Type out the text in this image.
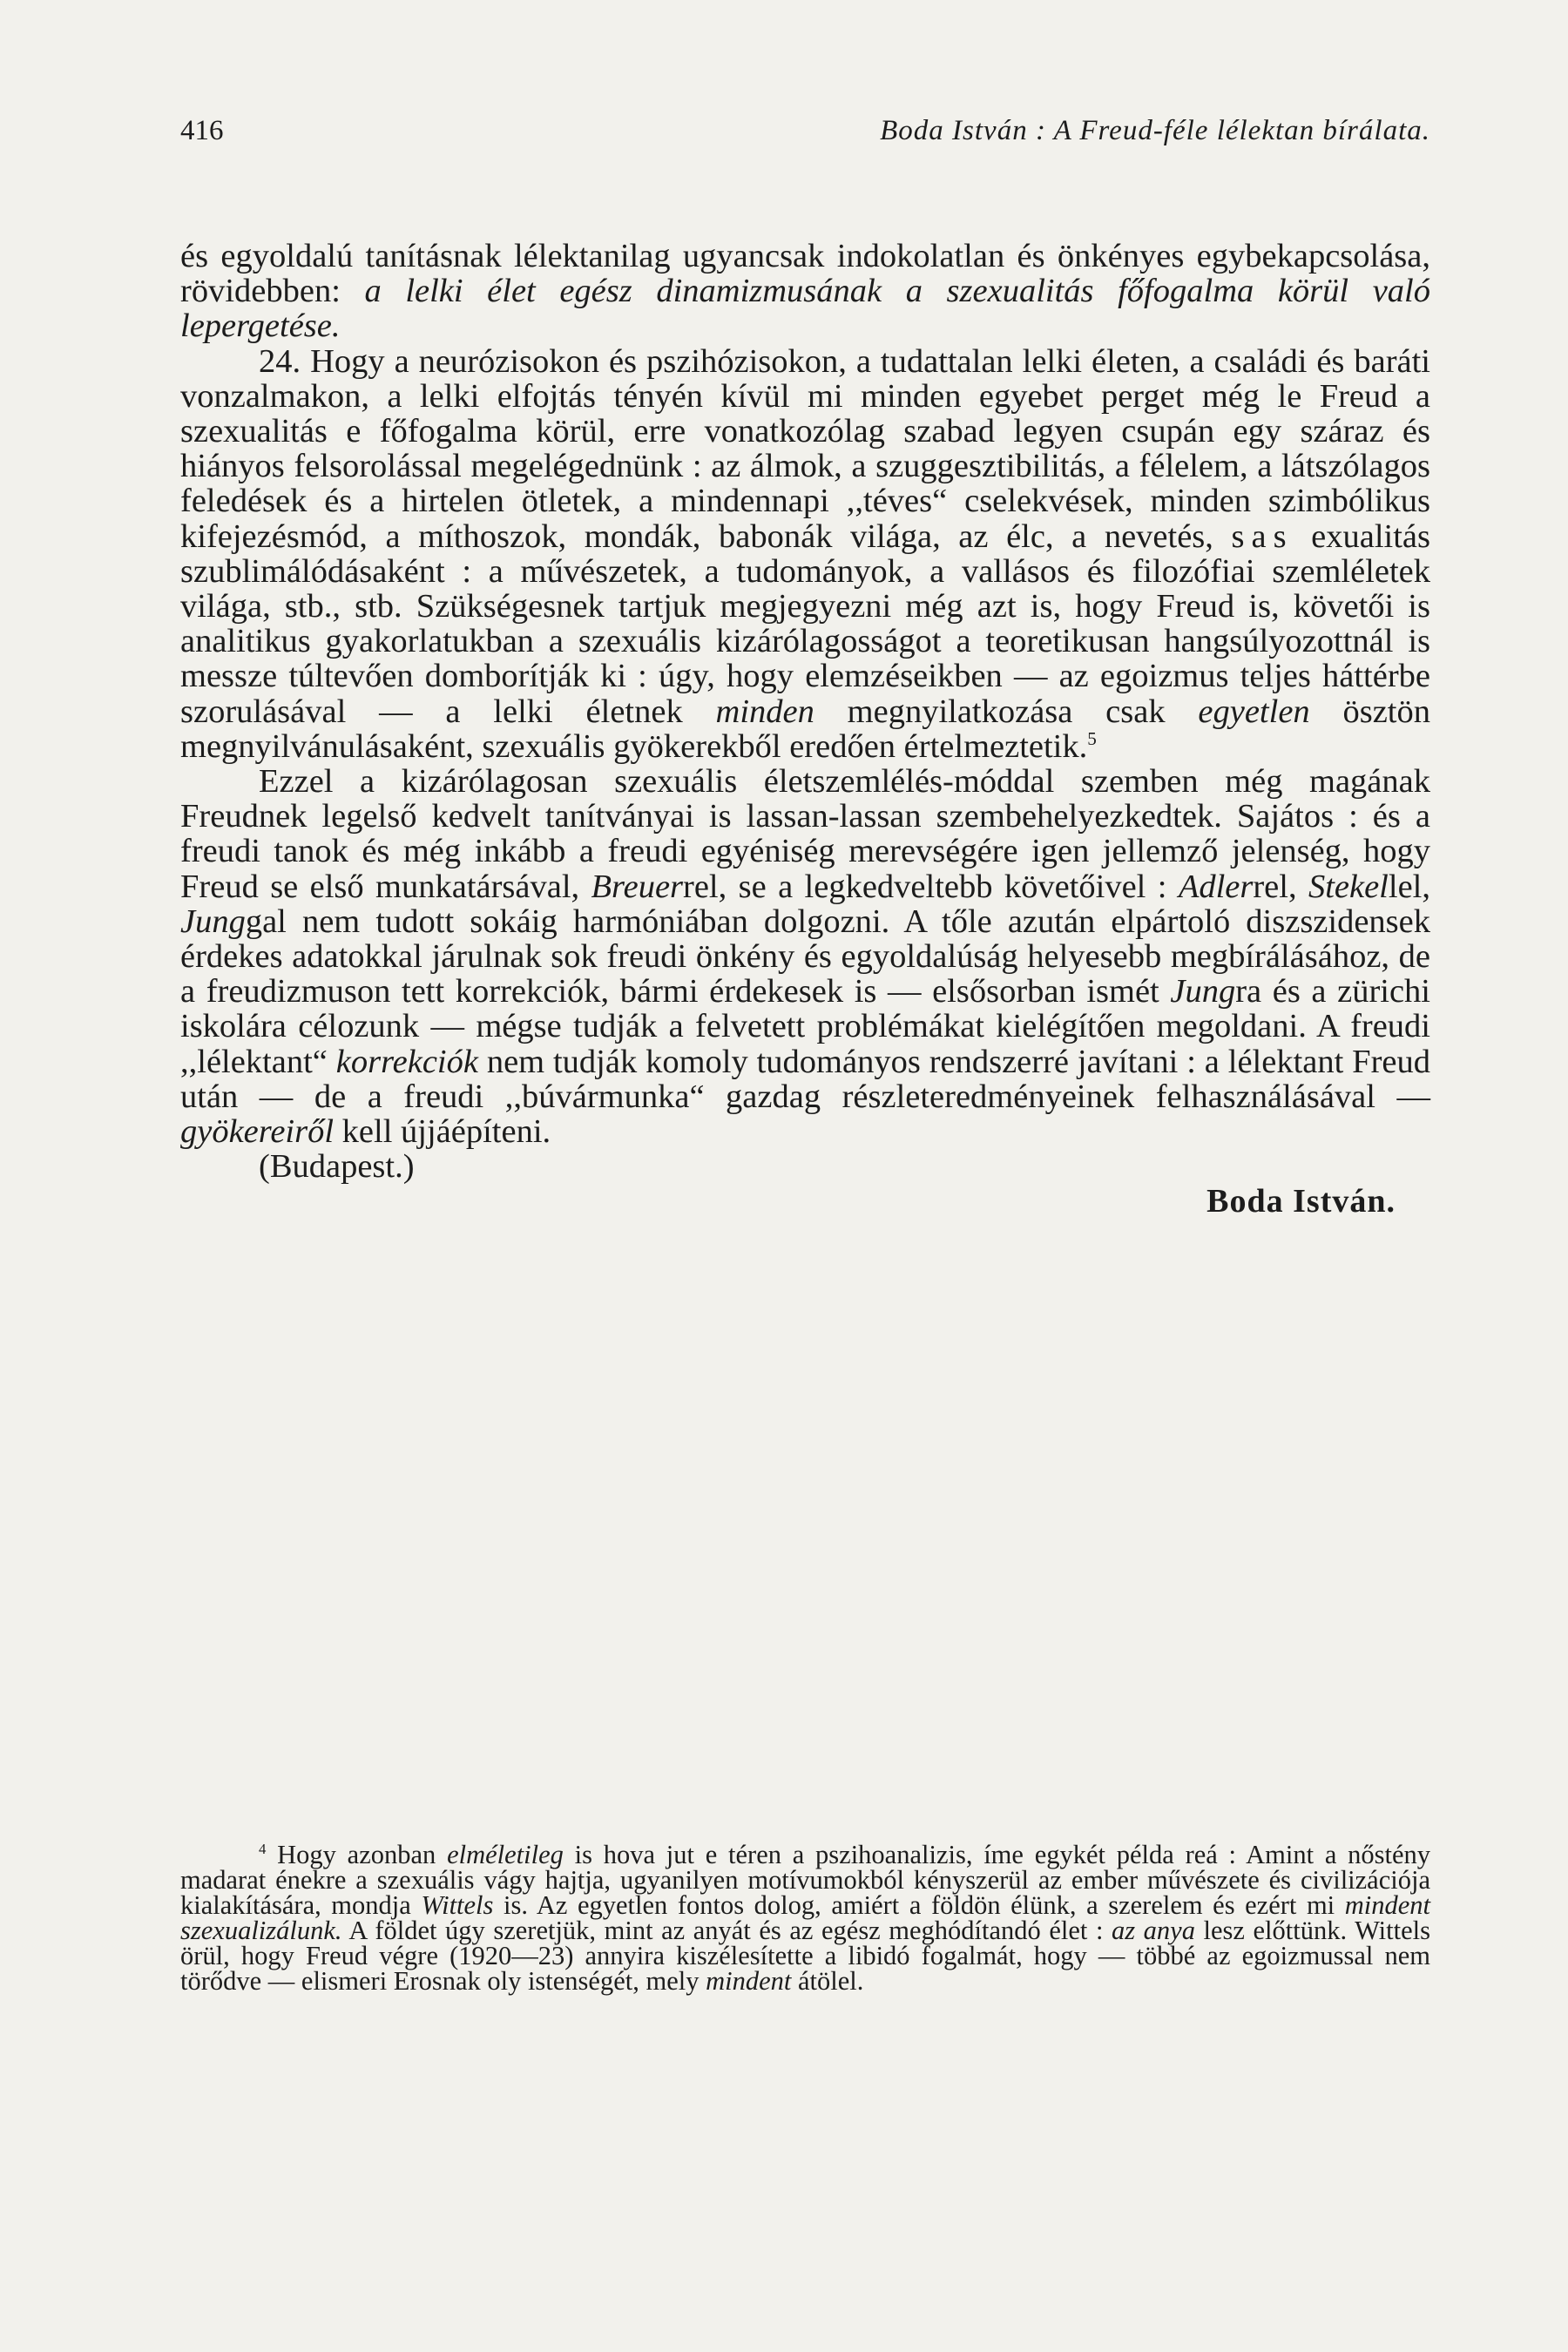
416	Boda István : A Freud-féle lélektan bírálata.

és egyoldalú tanításnak lélektanilag ugyancsak indokolatlan és önkényes egybekapcsolása, rövidebben: a lelki élet egész dinamizmusának a szexualitás főfogalma körül való lepergetése.

24. Hogy a neurózisokon és pszihózisokon, a tudattalan lelki életen, a családi és baráti vonzalmakon, a lelki elfojtás tényén kívül mi minden egyebet perget még le Freud a szexualitás e főfogalma körül, erre vonatkozólag szabad legyen csupán egy száraz és hiányos felsorolással megelégednünk : az álmok, a szuggesztibilitás, a félelem, a látszólagos feledések és a hirtelen ötletek, a mindennapi ,,téves“ cselekvések, minden szimbólikus kifejezésmód, a míthoszok, mondák, babonák világa, az élc, a nevetés, sas exualitás szublimálódásaként : a művészetek, a tudományok, a vallásos és filozófiai szemléletek világa, stb., stb. Szükségesnek tartjuk megjegyezni még azt is, hogy Freud is, követői is analitikus gyakorlatukban a szexuális kizárólagosságot a teoretikusan hangsúlyozottnál is messze túltevően domborítják ki : úgy, hogy elemzéseikben — az egoizmus teljes háttérbe szorulásával — a lelki életnek minden megnyilatkozása csak egyetlen ösztön megnyilvánulásaként, szexuális gyökerekből eredően értelmeztetik.$^5$

Ezzel a kizárólagosan szexuális életszemlélés-móddal szemben még magának Freudnek legelső kedvelt tanítványai is lassan-lassan szembehelyezkedtek. Sajátos : és a freudi tanok és még inkább a freudi egyéniség merevségére igen jellemző jelenség, hogy Freud se első munkatársával, Breuerrel, se a legkedveltebb követőivel : Adlerrel, Stekellel, Junggal nem tudott sokáig harmóniában dolgozni. A tőle azután elpártoló diszszidensek érdekes adatokkal járulnak sok freudi önkény és egyoldalúság helyesebb megbírálásához, de a freudizmuson tett korrekciók, bármi érdekesek is — elsősorban ismét Jungra és a zürichi iskolára célozunk — mégse tudják a felvetett problémákat kielégítően megoldani. A freudi ,,lélektant“ korrekciók nem tudják komoly tudományos rendszerré javítani : a lélektant Freud után — de a freudi ,,búvármunka“ gazdag részleteredményeinek felhasználásával — gyökereiről kell újjáépíteni.

(Budapest.)

Boda István.

$^4$ Hogy azonban elméletileg is hova jut e téren a pszihoanalizis, íme egykét példa reá : Amint a nőstény madarat énekre a szexuális vágy hajtja, ugyanilyen motívumokból kényszerül az ember művészete és civilizációja kialakítására, mondja Wittels is. Az egyetlen fontos dolog, amiért a földön élünk, a szerelem és ezért mi mindent szexualizálunk. A földet úgy szeretjük, mint az anyát és az egész meghódítandó élet : az anya lesz előttünk. Wittels örül, hogy Freud végre (1920—23) annyira kiszélesítette a libidó fogalmát, hogy — többé az egoizmussal nem törődve — elismeri Erosnak oly istenségét, mely mindent átölel.
